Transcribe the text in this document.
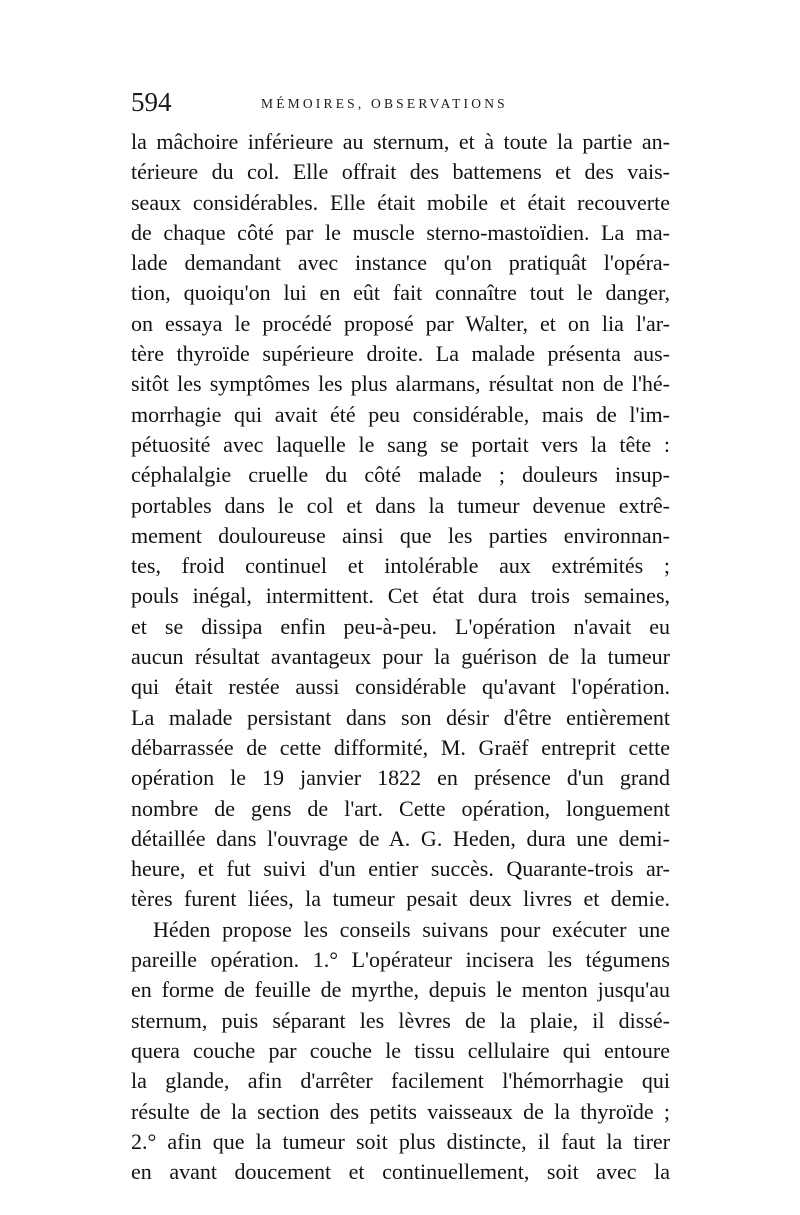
594	MÉMOIRES, OBSERVATIONS
la mâchoire inférieure au sternum, et à toute la partie an-
térieure du col. Elle offrait des battemens et des vais-
seaux considérables. Elle était mobile et était recouverte
de chaque côté par le muscle sterno-mastoïdien. La ma-
lade demandant avec instance qu'on pratiquât l'opéra-
tion, quoiqu'on lui en eût fait connaître tout le danger,
on essaya le procédé proposé par Walter, et on lia l'ar-
tère thyroïde supérieure droite. La malade présenta aus-
sitôt les symptômes les plus alarmans, résultat non de l'hé-
morrhagie qui avait été peu considérable, mais de l'im-
pétuosité avec laquelle le sang se portait vers la tête :
céphalalgie cruelle du côté malade ; douleurs insup-
portables dans le col et dans la tumeur devenue extrê-
mement douloureuse ainsi que les parties environnan-
tes, froid continuel et intolérable aux extrémités ;
pouls inégal, intermittent. Cet état dura trois semaines,
et se dissipa enfin peu-à-peu. L'opération n'avait eu
aucun résultat avantageux pour la guérison de la tumeur
qui était restée aussi considérable qu'avant l'opération.
La malade persistant dans son désir d'être entièrement
débarrassée de cette difformité, M. Graëf entreprit cette
opération le 19 janvier 1822 en présence d'un grand
nombre de gens de l'art. Cette opération, longuement
détaillée dans l'ouvrage de A. G. Heden, dura une demi-
heure, et fut suivi d'un entier succès. Quarante-trois ar-
tères furent liées, la tumeur pesait deux livres et demie.
Héden propose les conseils suivans pour exécuter une
pareille opération. 1.° L'opérateur incisera les tégumens
en forme de feuille de myrthe, depuis le menton jusqu'au
sternum, puis séparant les lèvres de la plaie, il dissé-
quera couche par couche le tissu cellulaire qui entoure
la glande, afin d'arrêter facilement l'hémorrhagie qui
résulte de la section des petits vaisseaux de la thyroïde ;
2.° afin que la tumeur soit plus distincte, il faut la tirer
en avant doucement et continuellement, soit avec la
